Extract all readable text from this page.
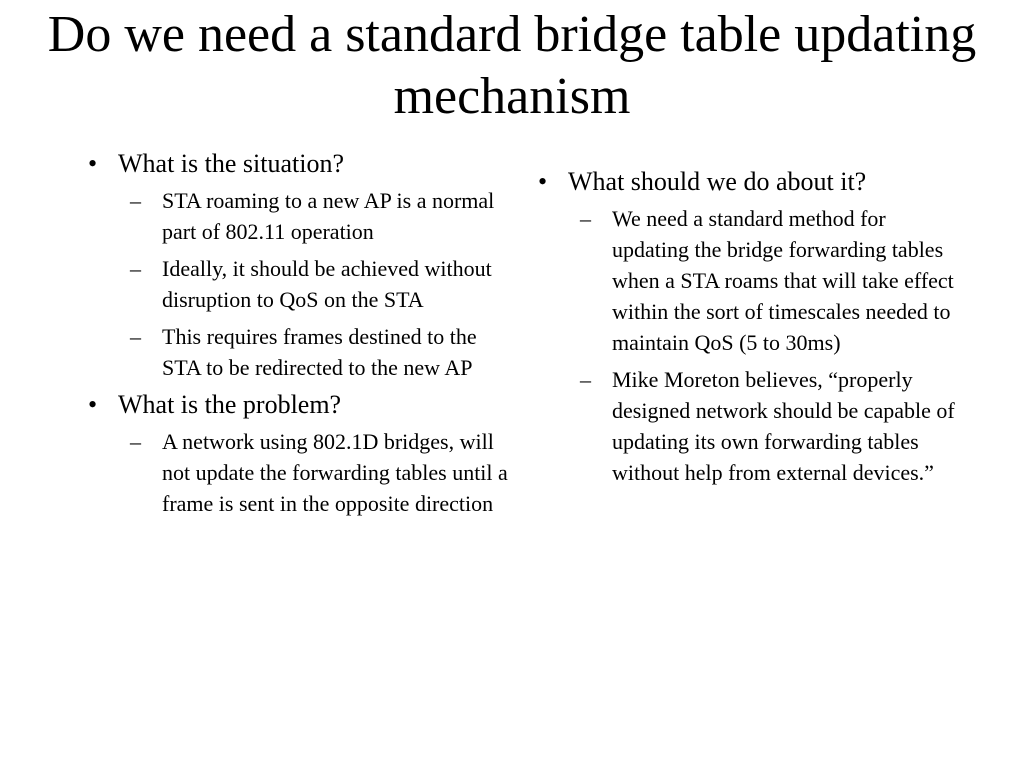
Do we need a standard bridge table updating mechanism
• What is the situation?
– STA roaming to a new AP is a normal part of 802.11 operation
– Ideally, it should be achieved without disruption to QoS on the STA
– This requires frames destined to the STA to be redirected to the new AP
• What is the problem?
– A network using 802.1D bridges, will not update the forwarding tables until a frame is sent in the opposite direction
• What should we do about it?
– We need a standard method for updating the bridge forwarding tables when a STA roams that will take effect within the sort of timescales needed to maintain QoS (5 to 30ms)
– Mike Moreton believes, “properly designed network should be capable of updating its own forwarding tables without help from external devices.”
